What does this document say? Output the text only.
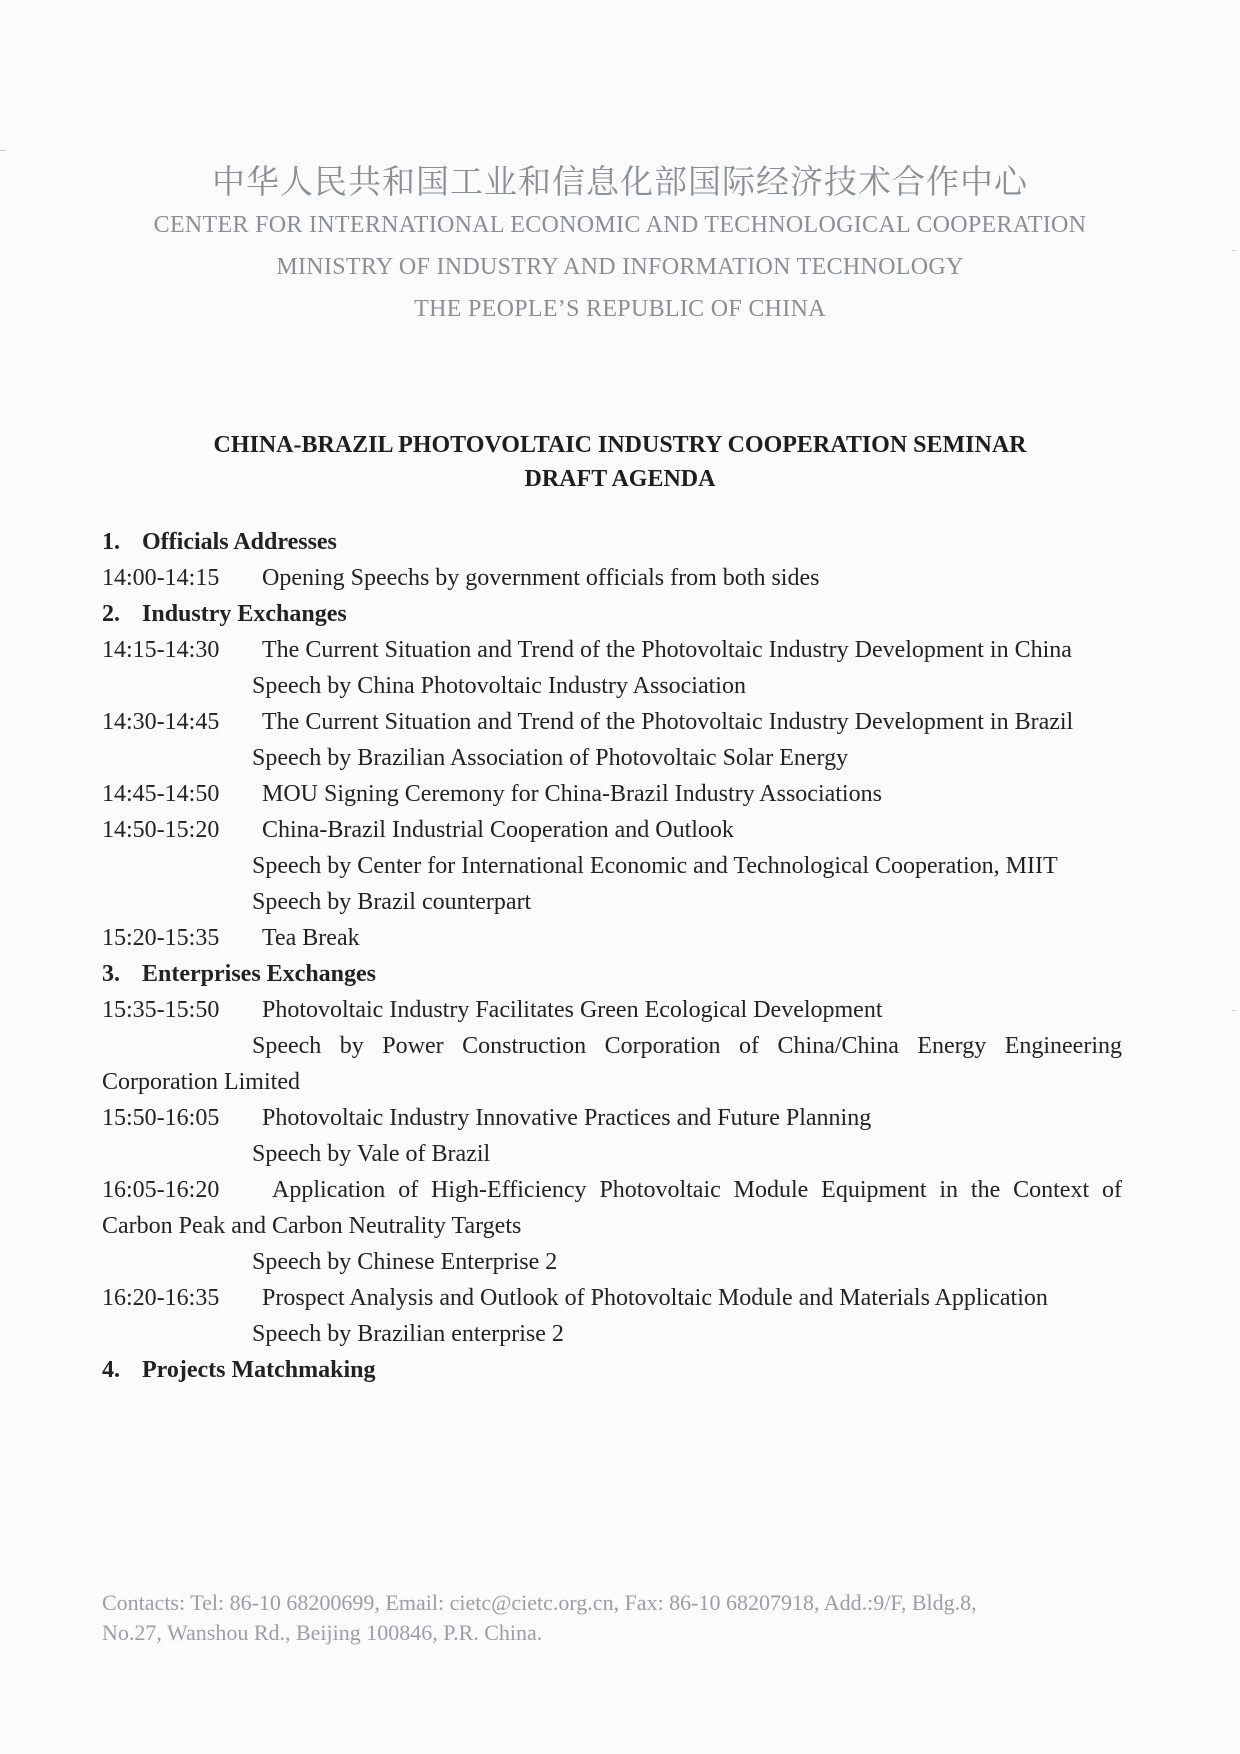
中华人民共和国工业和信息化部国际经济技术合作中心
CENTER FOR INTERNATIONAL ECONOMIC AND TECHNOLOGICAL COOPERATION
MINISTRY OF INDUSTRY AND INFORMATION TECHNOLOGY
THE PEOPLE’S REPUBLIC OF CHINA
CHINA-BRAZIL PHOTOVOLTAIC INDUSTRY COOPERATION SEMINAR
DRAFT AGENDA
1. Officials Addresses
14:00-14:15 Opening Speechs by government officials from both sides
2. Industry Exchanges
14:15-14:30 The Current Situation and Trend of the Photovoltaic Industry Development in China
Speech by China Photovoltaic Industry Association
14:30-14:45 The Current Situation and Trend of the Photovoltaic Industry Development in Brazil
Speech by Brazilian Association of Photovoltaic Solar Energy
14:45-14:50 MOU Signing Ceremony for China-Brazil Industry Associations
14:50-15:20 China-Brazil Industrial Cooperation and Outlook
Speech by Center for International Economic and Technological Cooperation, MIIT
Speech by Brazil counterpart
15:20-15:35 Tea Break
3. Enterprises Exchanges
15:35-15:50 Photovoltaic Industry Facilitates Green Ecological Development
Speech by Power Construction Corporation of China/China Energy Engineering
Corporation Limited
15:50-16:05 Photovoltaic Industry Innovative Practices and Future Planning
Speech by Vale of Brazil
16:05-16:20	Application of High-Efficiency Photovoltaic Module Equipment in the Context of
Carbon Peak and Carbon Neutrality Targets
Speech by Chinese Enterprise 2
16:20-16:35 Prospect Analysis and Outlook of Photovoltaic Module and Materials Application
Speech by Brazilian enterprise 2
4. Projects Matchmaking
Contacts: Tel: 86-10 68200699, Email: cietc@cietc.org.cn, Fax: 86-10 68207918, Add.:9/F, Bldg.8,
No.27, Wanshou Rd., Beijing 100846, P.R. China.
